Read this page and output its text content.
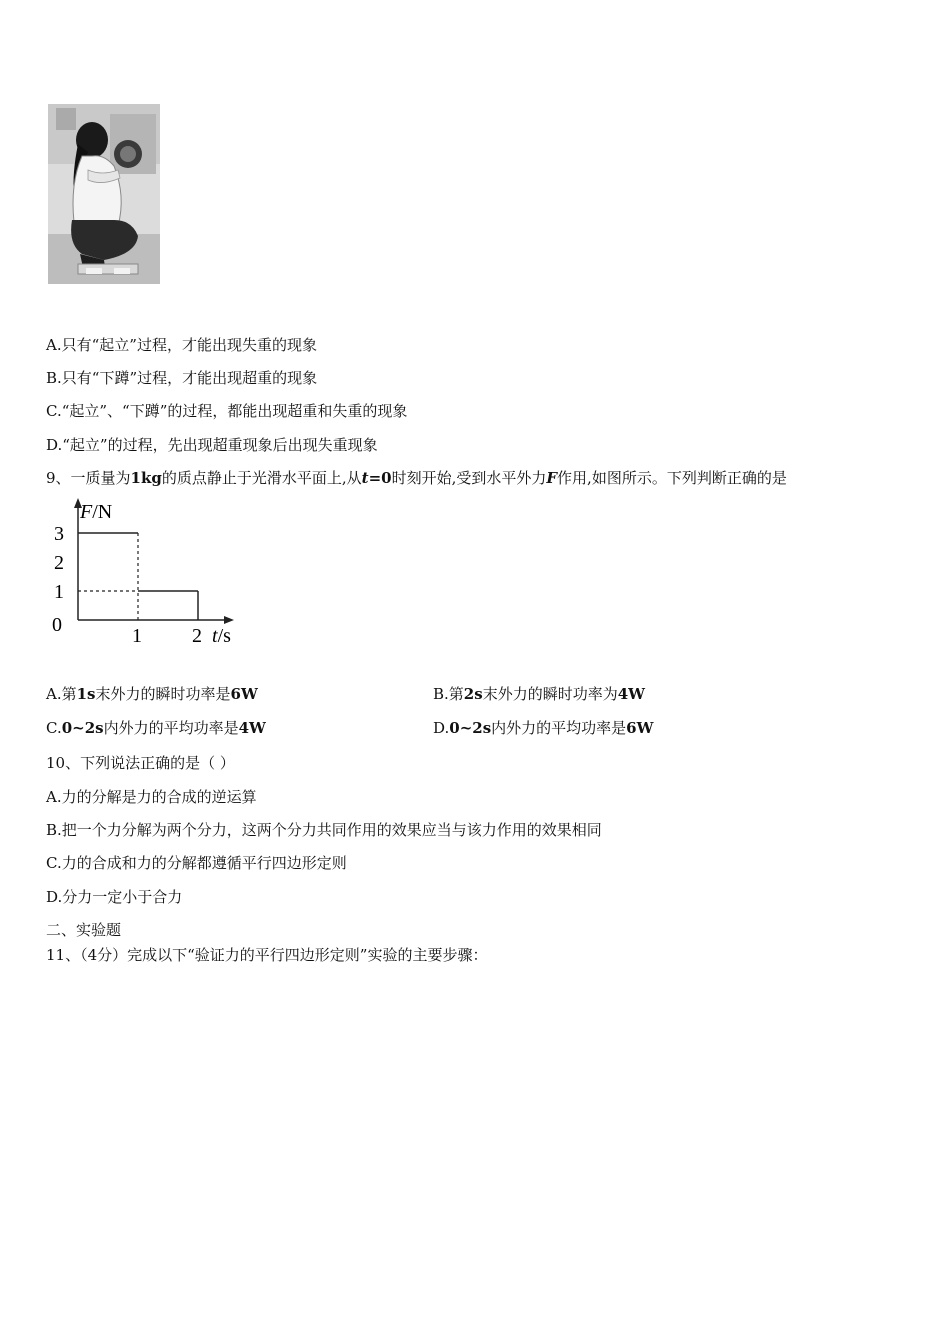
A.只有“起立”过程，才能出现失重的现象
B.只有“下蹲”过程，才能出现超重的现象
C.“起立”、“下蹲”的过程，都能出现超重和失重的现象
D.“起立”的过程，先出现超重现象后出现失重现象
9、一质量为1kg的质点静止于光滑水平面上,从t=0时刻开始,受到水平外力F作用,如图所示。下列判断正确的是
F/N
t/s
0
1
2
3
1	2
A.第1s末外力的瞬时功率是6W	B.第2s末外力的瞬时功率为4W
C.0~2s内外力的平均功率是4W	D.0~2s内外力的平均功率是6W
10、下列说法正确的是（ ）
A.力的分解是力的合成的逆运算
B.把一个力分解为两个分力，这两个分力共同作用的效果应当与该力作用的效果相同
C.力的合成和力的分解都遵循平行四边形定则
D.分力一定小于合力
二、实验题
11、（4分）完成以下“验证力的平行四边形定则”实验的主要步骤：
